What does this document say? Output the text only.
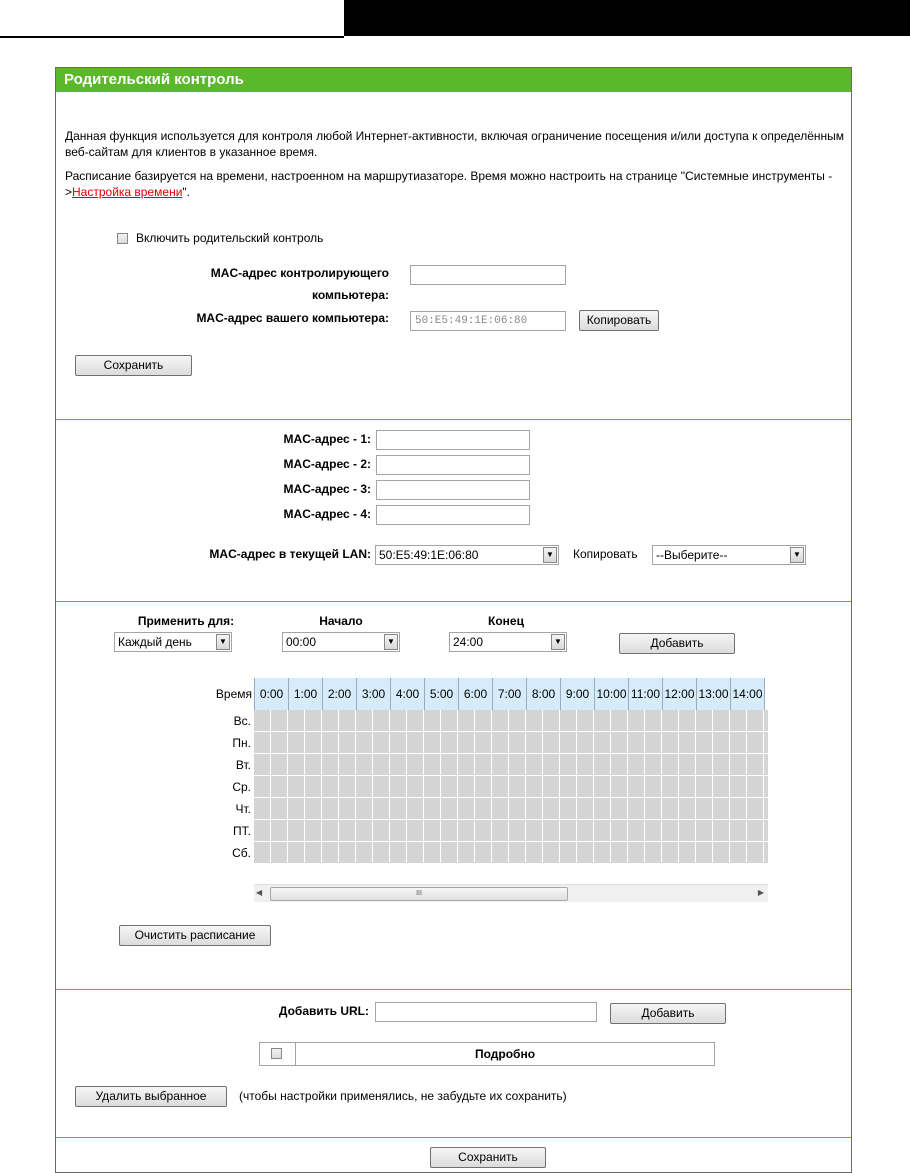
Родительский контроль
Данная функция используется для контроля любой Интернет-активности, включая ограничение посещения и/или доступа к определённым веб-сайтам для клиентов в указанное время.
Расписание базируется на времени, настроенном на маршрутиазаторе. Время можно настроить на странице "Системные инструменты ->Настройка времени".
Включить родительский контроль
MAC-адрес контролирующего
компьютера:
MAC-адрес вашего компьютера:	50:E5:49:1E:06:80	Копировать
Сохранить
MAC-адрес - 1:
MAC-адрес - 2:
MAC-адрес - 3:
MAC-адрес - 4:
MAC-адрес в текущей LAN: 50:E5:49:1E:06:80	▼ Копировать	--Выберите--	▼
Применить для:	Начало	Конец
Каждый день	▼	00:00	▼	24:00	▼	Добавить
Время 0:00 1:00 2:00 3:00 4:00 5:00 6:00 7:00 8:00 9:00 10:00 11:00 12:00 13:00 14:00
Вс.
Пн.
Вт.
Ср.
Чт.
ПТ.
Сб.
◀	III	▶
Очистить расписание
Добавить URL:	Добавить
Подробно
Удалить выбранное	(чтобы настройки применялись, не забудьте их сохранить)
Сохранить
